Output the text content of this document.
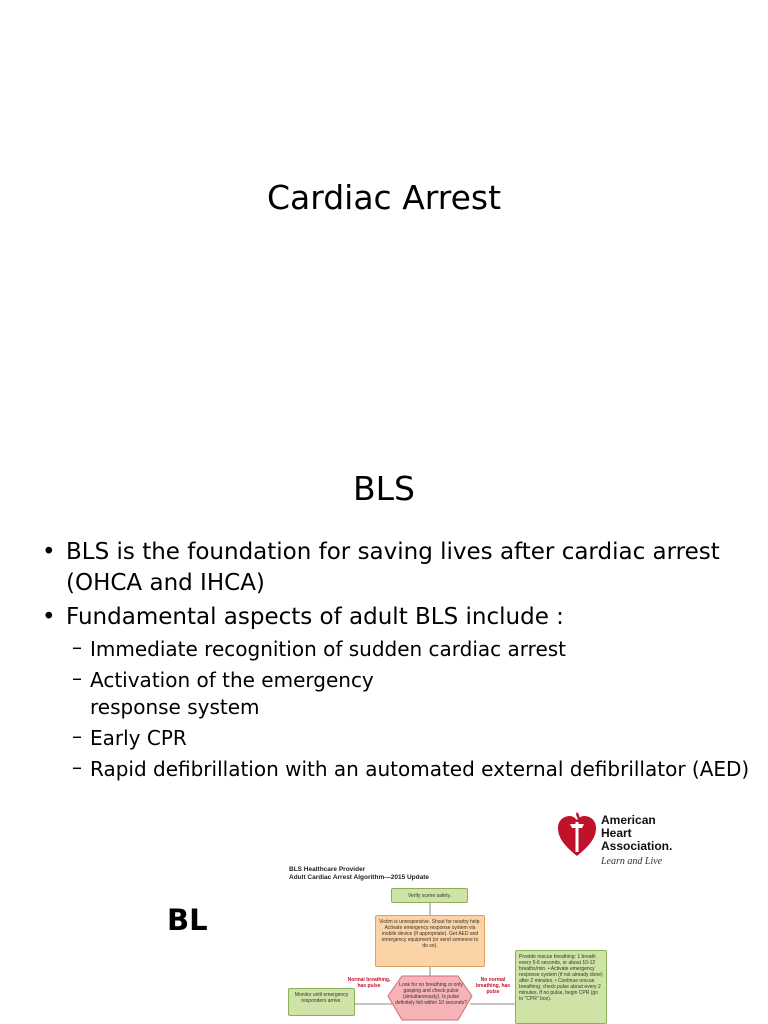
Cardiac Arrest
BLS
• BLS is the foundation for saving lives after cardiac arrest (OHCA and IHCA)
• Fundamental aspects of adult BLS include :
– Immediate recognition of sudden cardiac arrest
– Activation of the emergency response system
– Early CPR
– Rapid defibrillation with an automated external defibrillator (AED)
American
Heart
Association.
Learn and Live
BL
BLS Healthcare Provider
Adult Cardiac Arrest Algorithm—2015 Update
Verify scene safety.
Victim is unresponsive. Shout for nearby help. Activate emergency response system via mobile device (if appropriate). Get AED and emergency equipment (or send someone to do so).
Normal breathing, has pulse
No normal breathing, has pulse
Look for no breathing or only gasping and check pulse (simultaneously). Is pulse definitely felt within 10 seconds?
Monitor until emergency responders arrive.
Provide rescue breathing: 1 breath every 5-6 seconds, or about 10-12 breaths/min. • Activate emergency response system (if not already done) after 2 minutes. • Continue rescue breathing; check pulse about every 2 minutes. If no pulse, begin CPR (go to "CPR" box).
